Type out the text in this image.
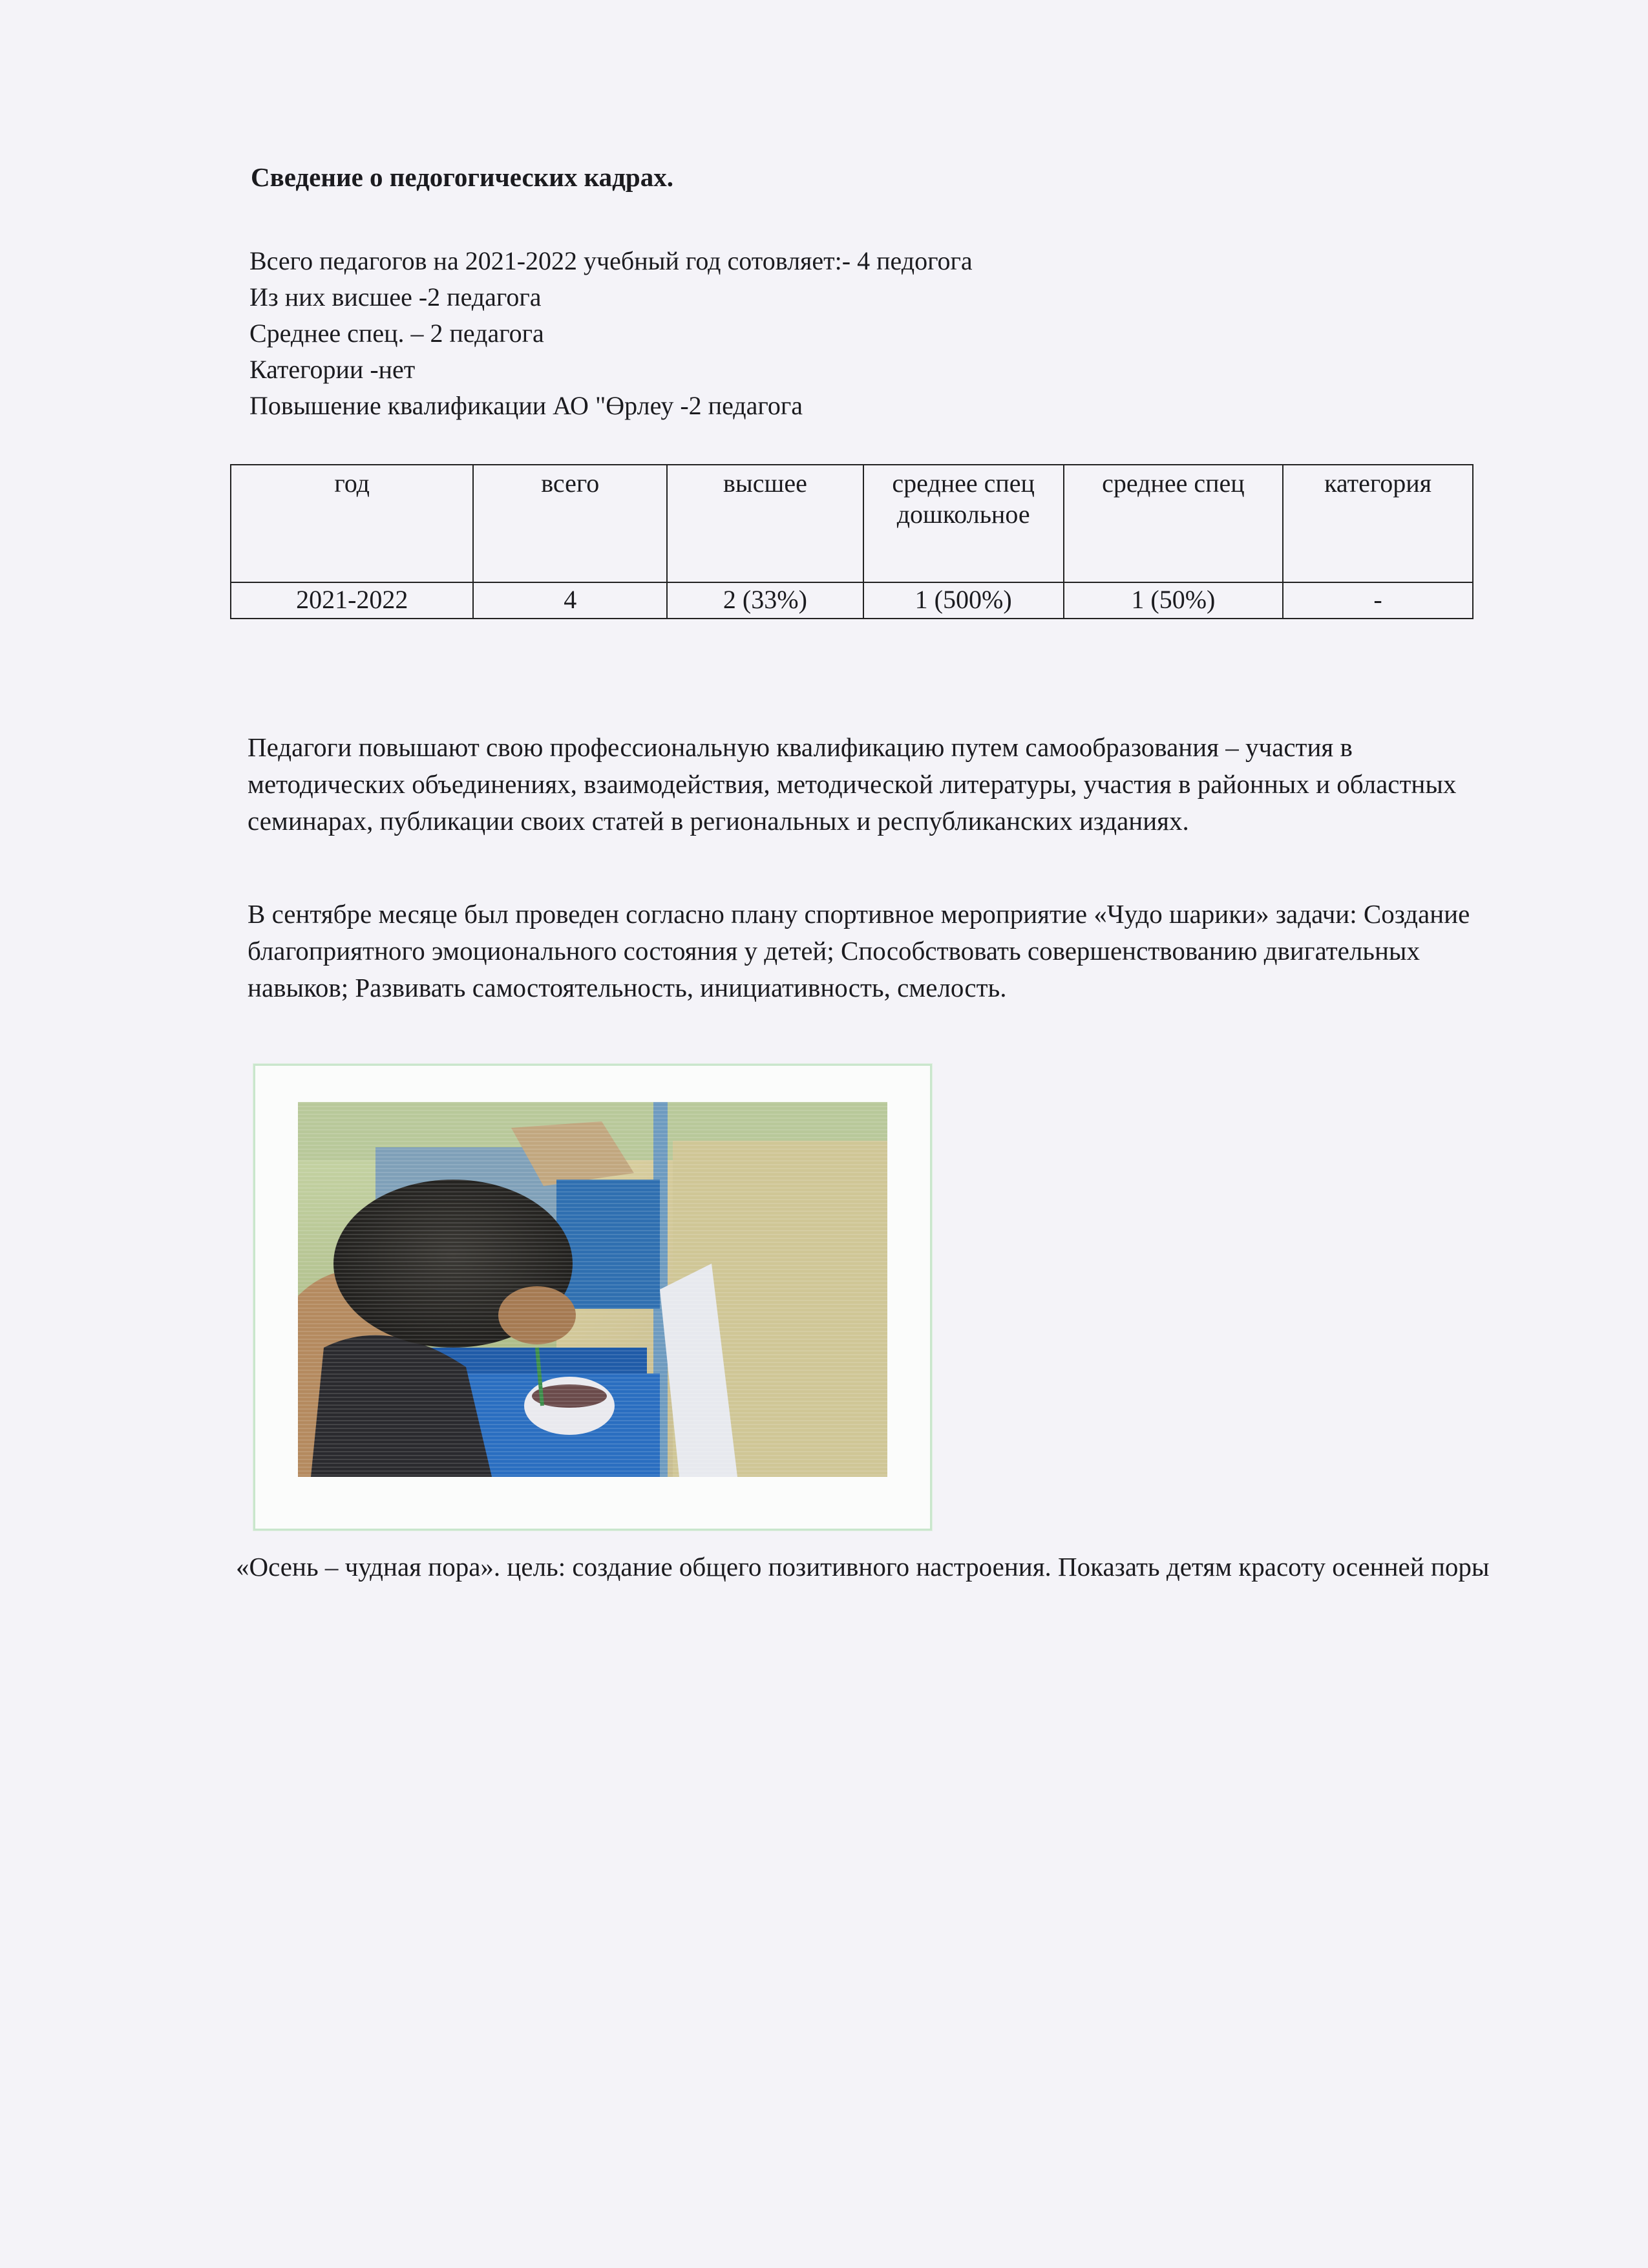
Сведение о педогогических кадрах.
Всего педагогов на 2021-2022 учебный год сотовляет:- 4 педогога
Из них висшее -2 педагога
Среднее спец. – 2 педагога
Категории -нет
Повышение квалификации АО "Өрлеу -2 педагога
год	всего	высшее	среднее спец дошкольное	среднее спец	категория
2021-2022	4	2 (33%)	1 (500%)	1 (50%)	-
Педагоги повышают свою профессиональную квалификацию путем самообразования – участия в методических объединениях, взаимодействия, методической литературы, участия в районных и областных семинарах, публикации своих статей в региональных и республиканских изданиях.
В сентябре месяце был проведен согласно плану спортивное мероприятие «Чудо шарики» задачи: Создание благоприятного эмоционального состояния у детей; Способствовать совершенствованию двигательных навыков; Развивать самостоятельность, инициативность, смелость.
«Осень – чудная пора». цель: создание общего позитивного настроения. Показать детям красоту осенней поры
